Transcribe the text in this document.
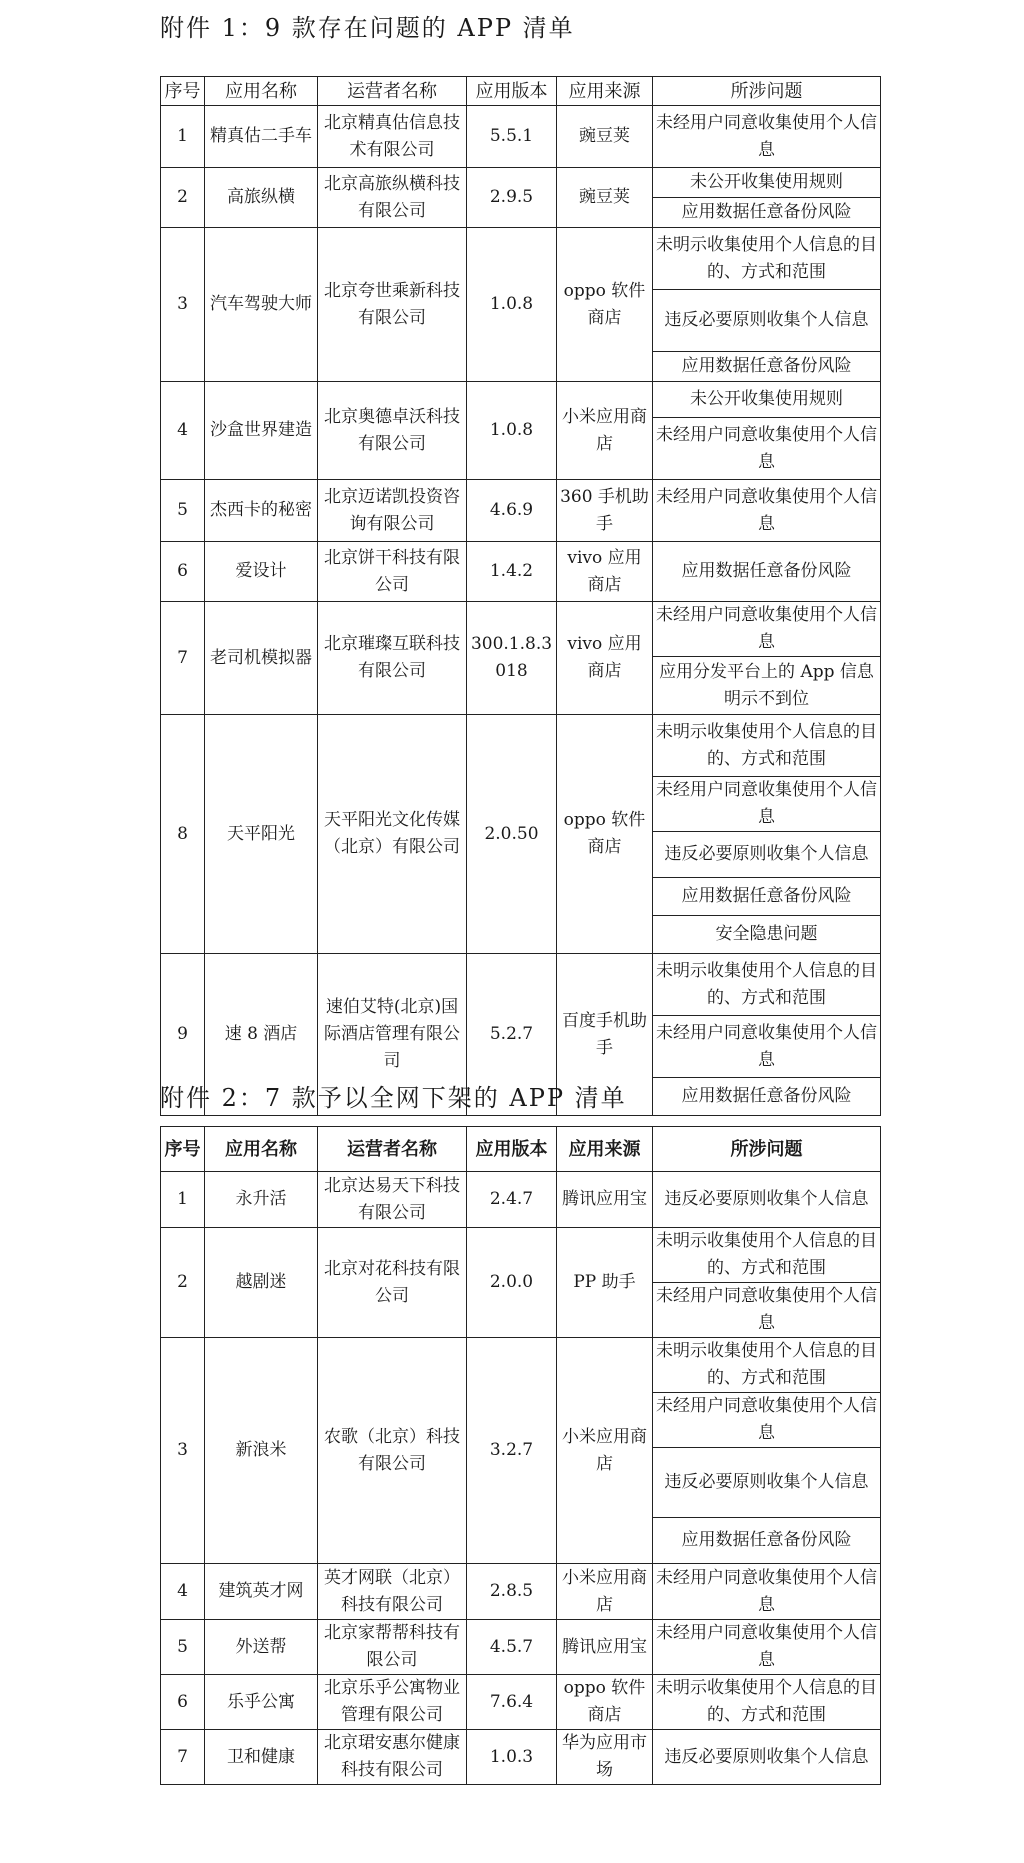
附件 1：9 款存在问题的 APP 清单
序号	应用名称	运营者名称	应用版本	应用来源	所涉问题
1	精真估二手车	北京精真估信息技术有限公司	5.5.1	豌豆荚	未经用户同意收集使用个人信息
2	高旅纵横	北京高旅纵横科技有限公司	2.9.5	豌豆荚	未公开收集使用规则
					应用数据任意备份风险
3	汽车驾驶大师	北京夸世乘新科技有限公司	1.0.8	oppo 软件商店	未明示收集使用个人信息的目的、方式和范围
					违反必要原则收集个人信息
					应用数据任意备份风险
4	沙盒世界建造	北京奥德卓沃科技有限公司	1.0.8	小米应用商店	未公开收集使用规则
					未经用户同意收集使用个人信息
5	杰西卡的秘密	北京迈诺凯投资咨询有限公司	4.6.9	360 手机助手	未经用户同意收集使用个人信息
6	爱设计	北京饼干科技有限公司	1.4.2	vivo 应用商店	应用数据任意备份风险
7	老司机模拟器	北京璀璨互联科技有限公司	300.1.8.3018	vivo 应用商店	未经用户同意收集使用个人信息
					应用分发平台上的 App 信息明示不到位
8	天平阳光	天平阳光文化传媒（北京）有限公司	2.0.50	oppo 软件商店	未明示收集使用个人信息的目的、方式和范围
					未经用户同意收集使用个人信息
					违反必要原则收集个人信息
					应用数据任意备份风险
					安全隐患问题
9	速 8 酒店	速伯艾特(北京)国际酒店管理有限公司	5.2.7	百度手机助手	未明示收集使用个人信息的目的、方式和范围
					未经用户同意收集使用个人信息
					应用数据任意备份风险
附件 2：7 款予以全网下架的 APP 清单
序号	应用名称	运营者名称	应用版本	应用来源	所涉问题
1	永升活	北京达易天下科技有限公司	2.4.7	腾讯应用宝	违反必要原则收集个人信息
2	越剧迷	北京对花科技有限公司	2.0.0	PP 助手	未明示收集使用个人信息的目的、方式和范围
					未经用户同意收集使用个人信息
3	新浪米	农歌（北京）科技有限公司	3.2.7	小米应用商店	未明示收集使用个人信息的目的、方式和范围
					未经用户同意收集使用个人信息
					违反必要原则收集个人信息
					应用数据任意备份风险
4	建筑英才网	英才网联（北京）科技有限公司	2.8.5	小米应用商店	未经用户同意收集使用个人信息
5	外送帮	北京家帮帮科技有限公司	4.5.7	腾讯应用宝	未经用户同意收集使用个人信息
6	乐乎公寓	北京乐乎公寓物业管理有限公司	7.6.4	oppo 软件商店	未明示收集使用个人信息的目的、方式和范围
7	卫和健康	北京珺安惠尔健康科技有限公司	1.0.3	华为应用市场	违反必要原则收集个人信息
